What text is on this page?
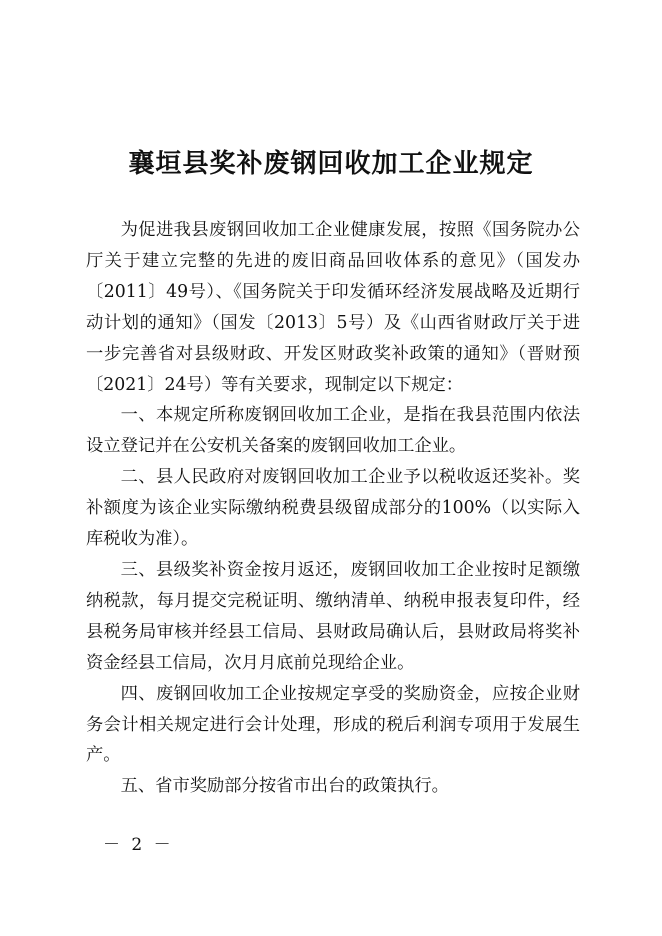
襄垣县奖补废钢回收加工企业规定

为促进我县废钢回收加工企业健康发展，按照《国务院办公厅关于建立完整的先进的废旧商品回收体系的意见》（国发办〔2011〕49号）、《国务院关于印发循环经济发展战略及近期行动计划的通知》（国发〔2013〕5号）及《山西省财政厅关于进一步完善省对县级财政、开发区财政奖补政策的通知》（晋财预〔2021〕24号）等有关要求，现制定以下规定：

一、本规定所称废钢回收加工企业，是指在我县范围内依法设立登记并在公安机关备案的废钢回收加工企业。

二、县人民政府对废钢回收加工企业予以税收返还奖补。奖补额度为该企业实际缴纳税费县级留成部分的100%（以实际入库税收为准）。

三、县级奖补资金按月返还，废钢回收加工企业按时足额缴纳税款，每月提交完税证明、缴纳清单、纳税申报表复印件，经县税务局审核并经县工信局、县财政局确认后，县财政局将奖补资金经县工信局，次月月底前兑现给企业。

四、废钢回收加工企业按规定享受的奖励资金，应按企业财务会计相关规定进行会计处理，形成的税后利润专项用于发展生产。

五、省市奖励部分按省市出台的政策执行。

－ 2 －
